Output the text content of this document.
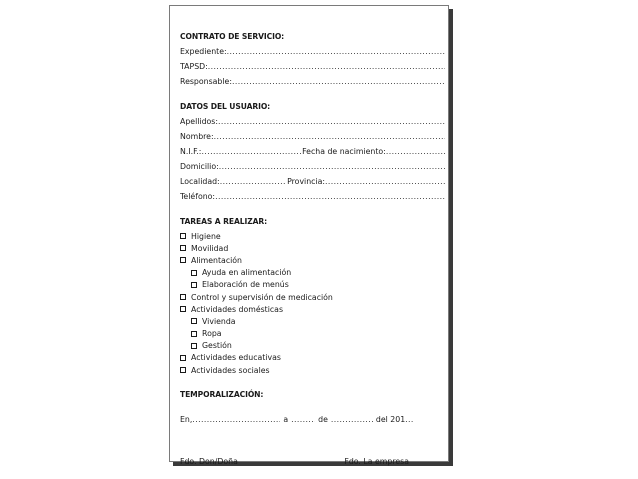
CONTRATO DE SERVICIO:
Expediente:
.....
TAPSD:
.....
Responsable:
.....
DATOS DEL USUARIO:
Apellidos:
.....
Nombre:
.....
N.I.F.: .....	Fecha de nacimiento:
.....
Domicilio:
.....
Localidad: .....	Provincia:
.....
Teléfono:
.....
TAREAS A REALIZAR:
Higiene
Movilidad
Alimentación
Ayuda en alimentación
Elaboración de menús
Control y supervisión de medicación
Actividades domésticas
Vivienda
Ropa
Gestión
Actividades educativas
Actividades sociales
TEMPORALIZACIÓN:
En, .....	a .....	de .....	del 201
.....
Fdo. Don/Doña	Fdo. La empresa
